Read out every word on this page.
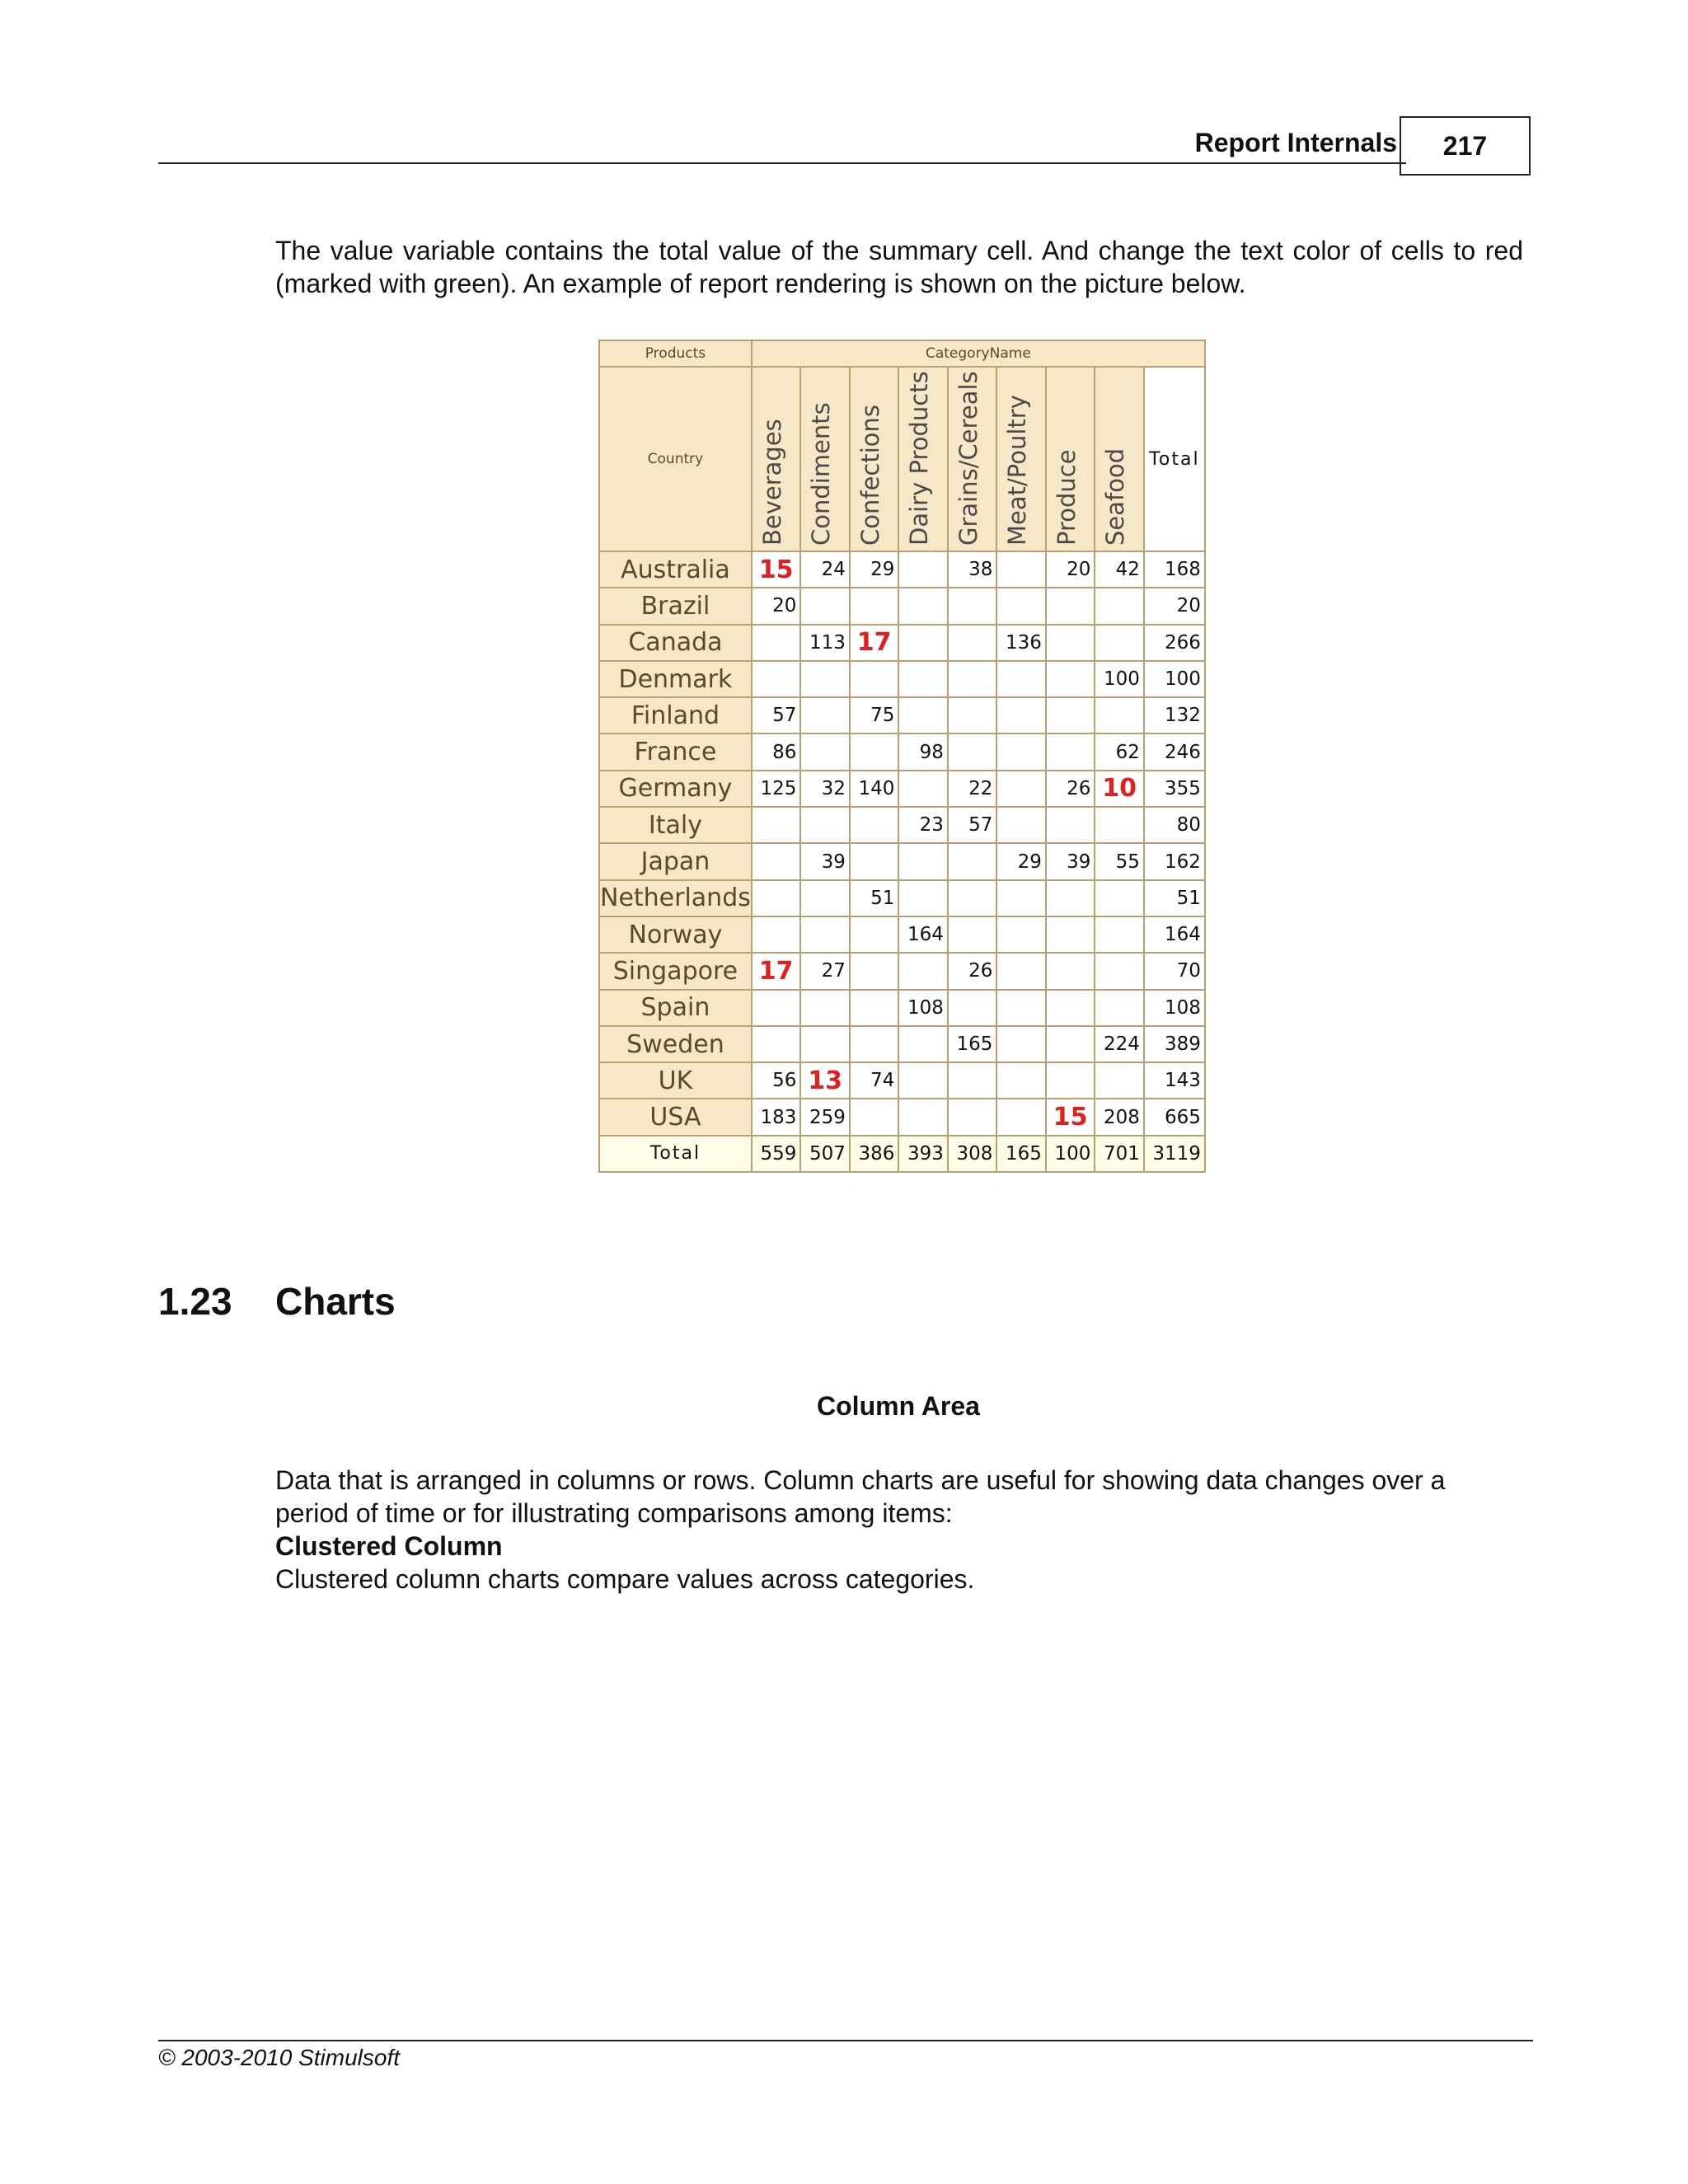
Report Internals	217
The value variable contains the total value of the summary cell. And change the text color of cells to red (marked with green). An example of report rendering is shown on the picture below.
Products	CategoryName								
Country	Beverages	Condiments	Confections	Dairy Products	Grains/Cereals	Meat/Poultry	Produce	Seafood	Total
Australia	15	24	29		38		20	42	168
Brazil	20								20
Canada		113	17			136			266
Denmark								100	100
Finland	57		75						132
France	86			98				62	246
Germany	125	32	140		22		26	10	355
Italy				23	57				80
Japan		39				29	39	55	162
Netherlands			51						51
Norway				164					164
Singapore	17	27			26				70
Spain				108					108
Sweden					165			224	389
UK	56	13	74						143
USA	183	259					15	208	665
Total	559	507	386	393	308	165	100	701	3119
1.23 Charts
Column Area
Data that is arranged in columns or rows. Column charts are useful for showing data changes over a period of time or for illustrating comparisons among items:
Clustered Column
Clustered column charts compare values across categories.
© 2003-2010 Stimulsoft
